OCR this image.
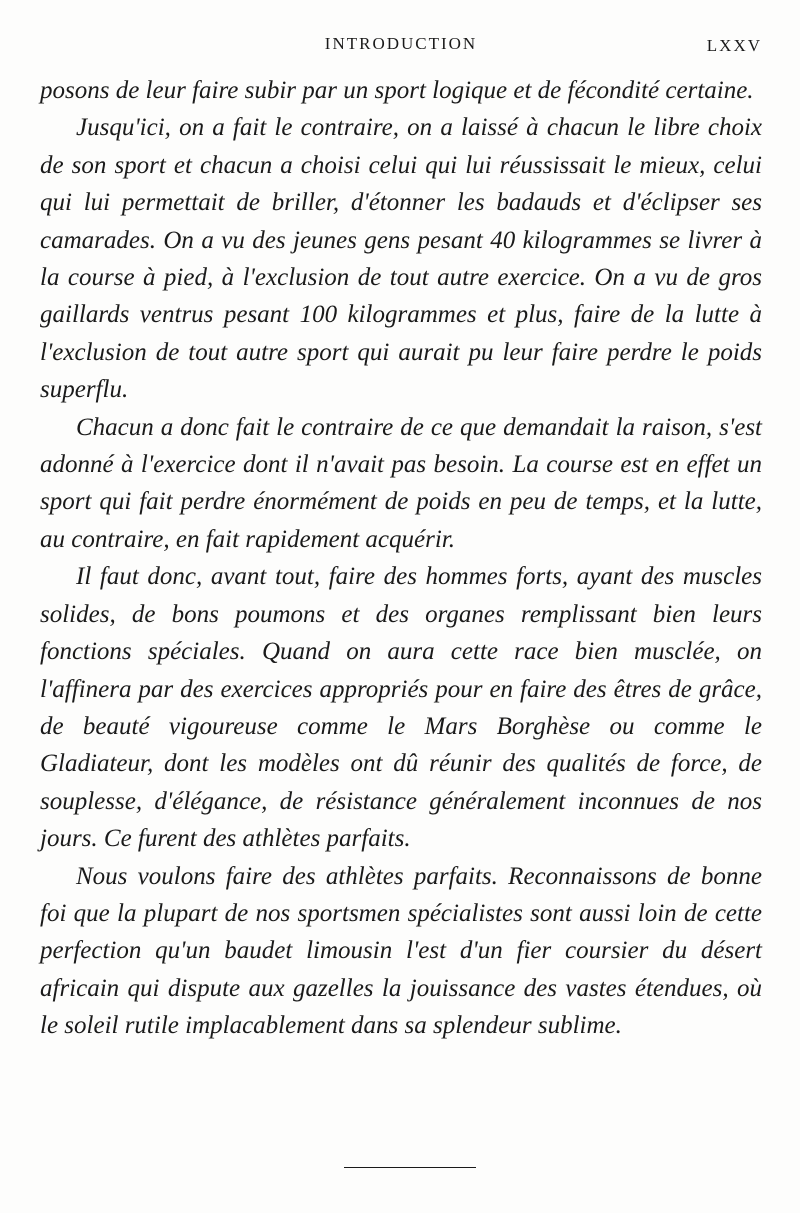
INTRODUCTION	LXXV

posons de leur faire subir par un sport logique et de fécondité certaine.

Jusqu'ici, on a fait le contraire, on a laissé à chacun le libre choix de son sport et chacun a choisi celui qui lui réussissait le mieux, celui qui lui permettait de briller, d'étonner les badauds et d'éclipser ses camarades. On a vu des jeunes gens pesant 40 kilogrammes se livrer à la course à pied, à l'exclusion de tout autre exercice. On a vu de gros gaillards ventrus pesant 100 kilogrammes et plus, faire de la lutte à l'exclusion de tout autre sport qui aurait pu leur faire perdre le poids superflu.

Chacun a donc fait le contraire de ce que demandait la raison, s'est adonné à l'exercice dont il n'avait pas besoin. La course est en effet un sport qui fait perdre énormément de poids en peu de temps, et la lutte, au contraire, en fait rapidement acquérir.

Il faut donc, avant tout, faire des hommes forts, ayant des muscles solides, de bons poumons et des organes remplissant bien leurs fonctions spéciales. Quand on aura cette race bien musclée, on l'affinera par des exercices appropriés pour en faire des êtres de grâce, de beauté vigoureuse comme le Mars Borghèse ou comme le Gladiateur, dont les modèles ont dû réunir des qualités de force, de souplesse, d'élégance, de résistance généralement inconnues de nos jours. Ce furent des athlètes parfaits.

Nous voulons faire des athlètes parfaits. Reconnaissons de bonne foi que la plupart de nos sportsmen spécialistes sont aussi loin de cette perfection qu'un baudet limousin l'est d'un fier coursier du désert africain qui dispute aux gazelles la jouissance des vastes étendues, où le soleil rutile implacablement dans sa splendeur sublime.
